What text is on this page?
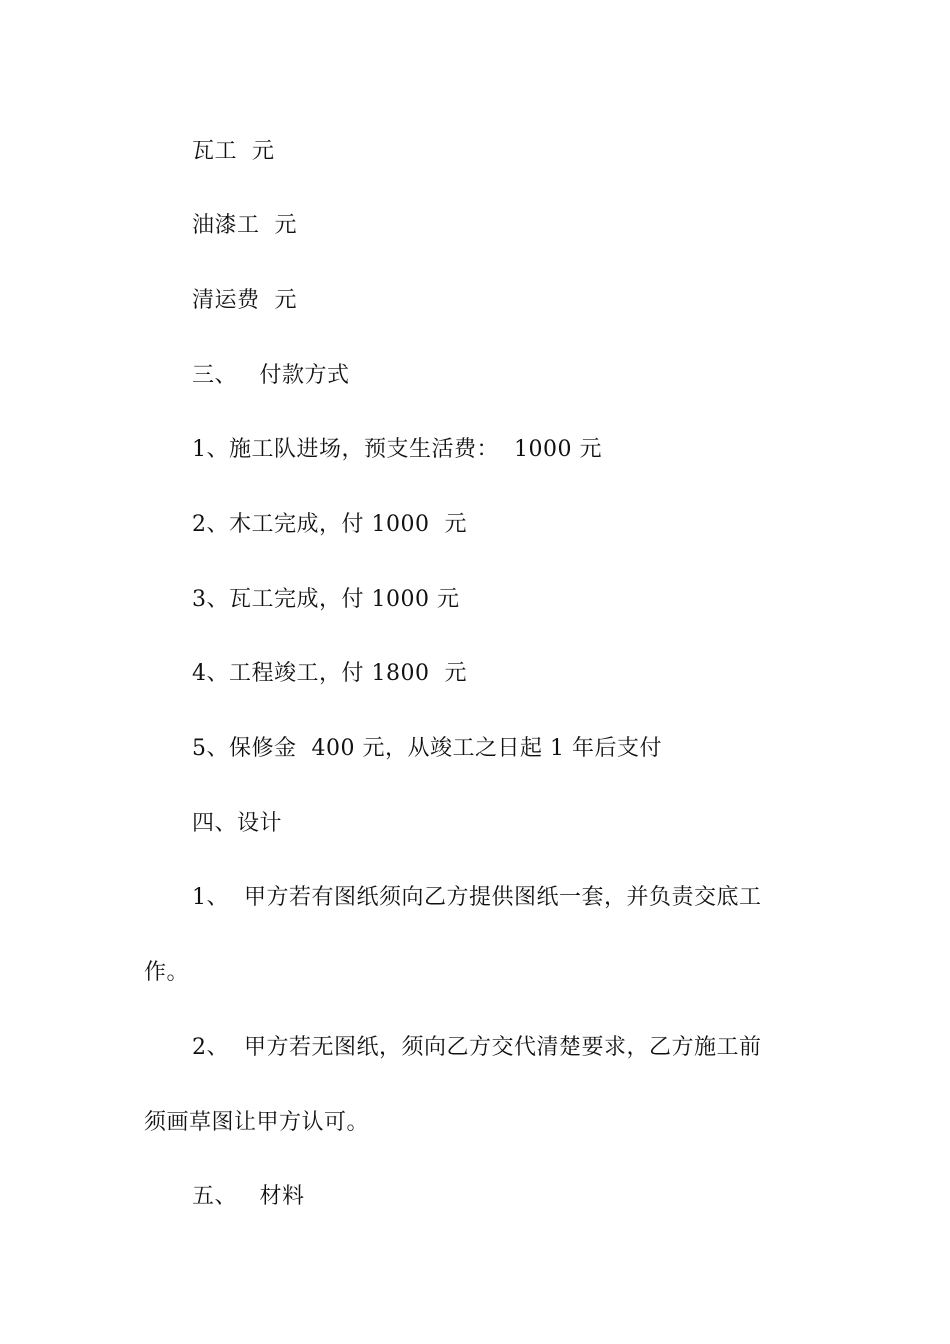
瓦工  元
油漆工  元
清运费  元
三、   付款方式
1、施工队进场，预支生活费：  1000 元
2、木工完成，付 1000  元
3、瓦工完成，付 1000 元
4、工程竣工，付 1800  元
5、保修金  400 元，从竣工之日起 1 年后支付
四、设计
1、  甲方若有图纸须向乙方提供图纸一套，并负责交底工
作。
2、  甲方若无图纸，须向乙方交代清楚要求，乙方施工前
须画草图让甲方认可。
五、   材料
